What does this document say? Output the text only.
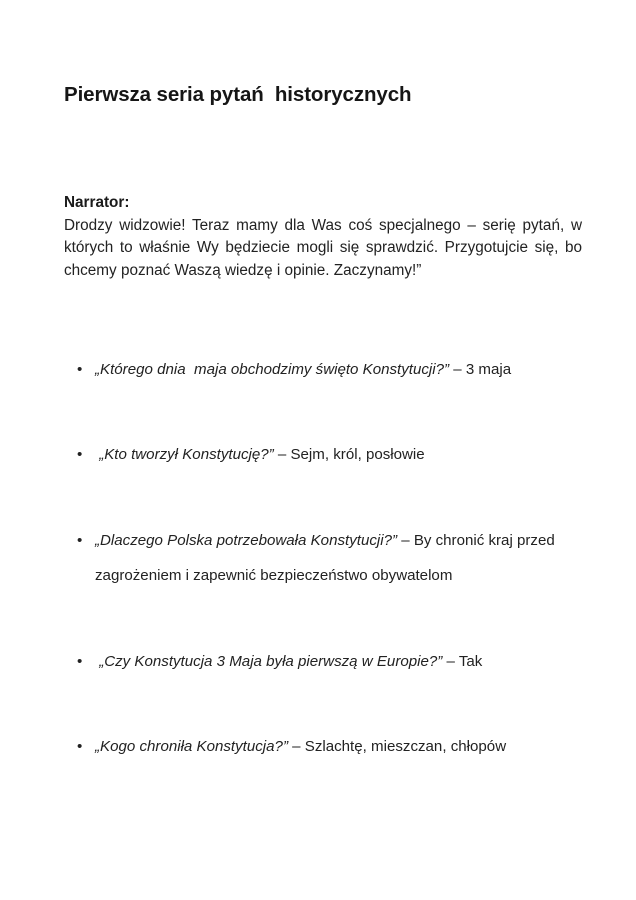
Pierwsza seria pytań  historycznych
Narrator:
Drodzy widzowie! Teraz mamy dla Was coś specjalnego – serię pytań, w których to właśnie Wy będziecie mogli się sprawdzić. Przygotujcie się, bo chcemy poznać Waszą wiedzę i opinie. Zaczynamy!”
• „Którego dnia  maja obchodzimy święto Konstytucji?” – 3 maja
•	„Kto tworzył Konstytucję?” – Sejm, król, posłowie
• „Dlaczego Polska potrzebowała Konstytucji?” – By chronić kraj przed zagrożeniem i zapewnić bezpieczeństwo obywatelom
•	„Czy Konstytucja 3 Maja była pierwszą w Europie?” – Tak
• „Kogo chroniła Konstytucja?” – Szlachtę, mieszczan, chłopów
